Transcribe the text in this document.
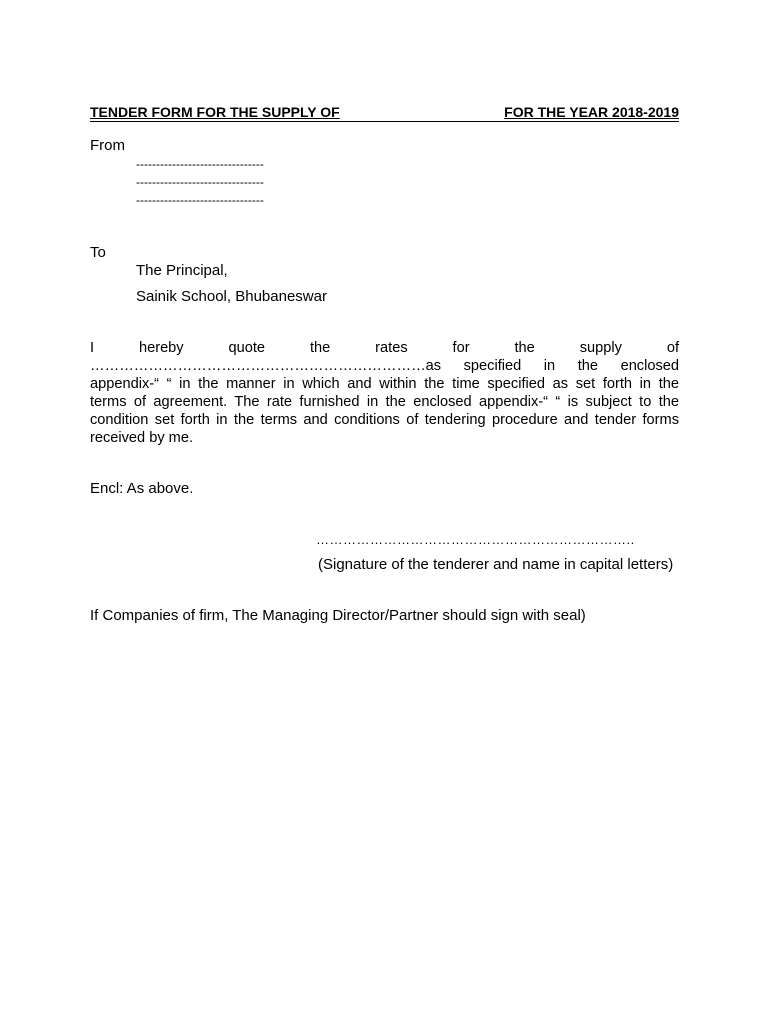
TENDER FORM FOR THE SUPPLY OF	FOR THE YEAR 2018-2019
From
--------------------------------
--------------------------------
--------------------------------
To
The Principal,
Sainik School, Bhubaneswar
I hereby quote the rates for the supply of
……………………………………………………………as specified in the enclosed
appendix-“ “ in the manner in which and within the time specified as set forth in the
terms of agreement. The rate furnished in the enclosed appendix-“ “ is subject to the
condition set forth in the terms and conditions of tendering procedure and tender forms
received by me.
Encl: As above.
……………………………………………………………..
(Signature of the tenderer and name in capital letters)
If Companies of firm, The Managing Director/Partner should sign with seal)
